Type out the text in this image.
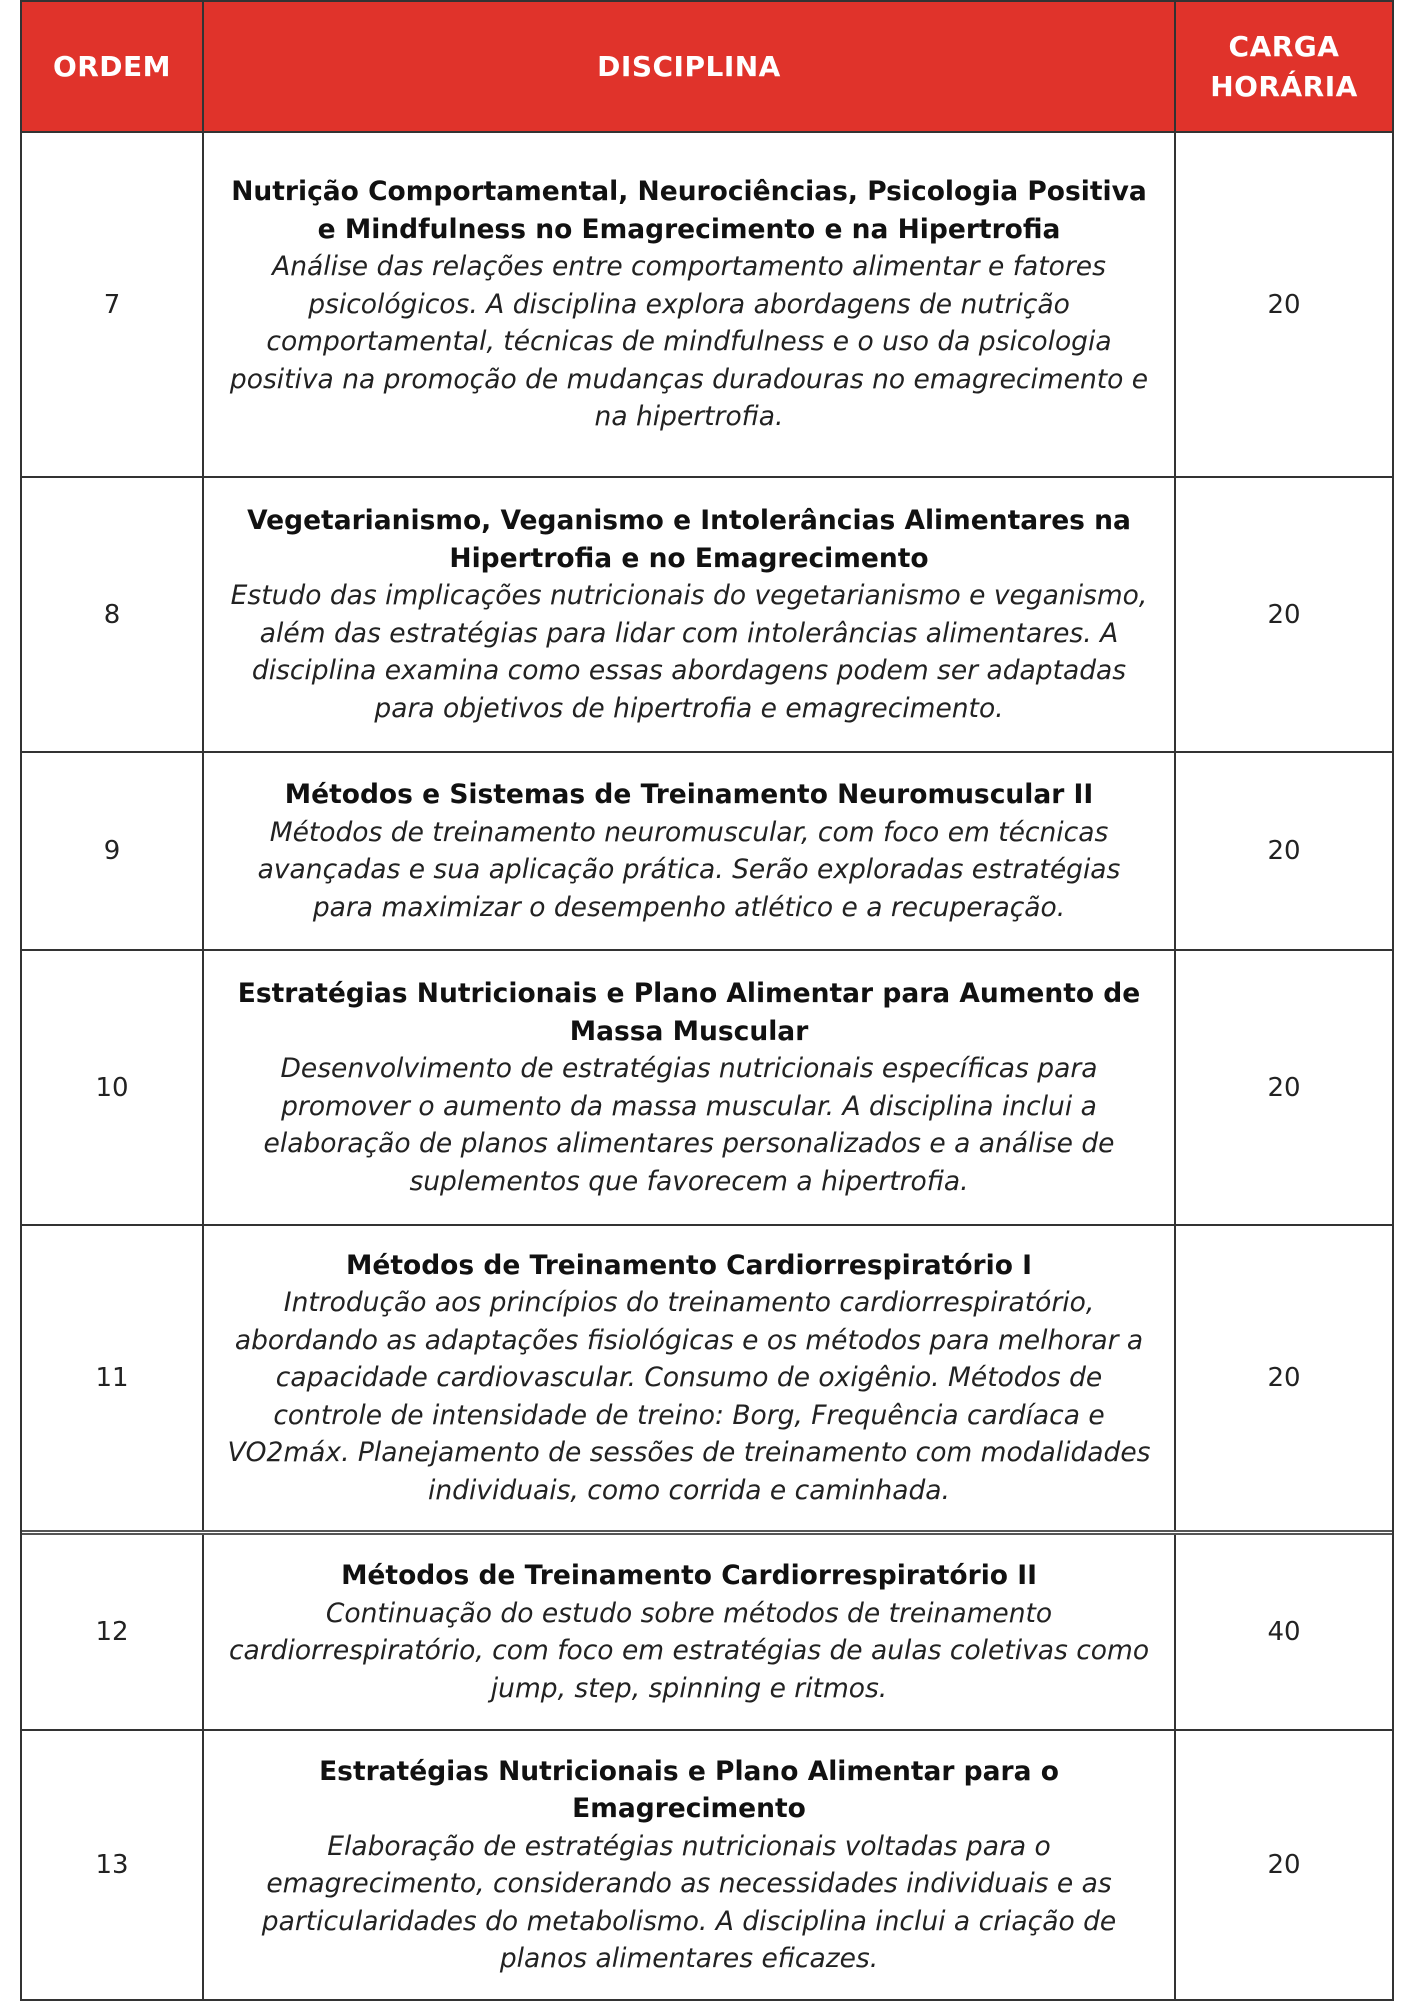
ORDEM	DISCIPLINA
CARGA
HORÁRIA
7
Nutrição Comportamental, Neurociências, Psicologia Positiva e Mindfulness no Emagrecimento e na Hipertrofia
Análise das relações entre comportamento alimentar e fatores psicológicos. A disciplina explora abordagens de nutrição comportamental, técnicas de mindfulness e o uso da psicologia positiva na promoção de mudanças duradouras no emagrecimento e na hipertrofia.
20
8
Vegetarianismo, Veganismo e Intolerâncias Alimentares na Hipertrofia e no Emagrecimento
Estudo das implicações nutricionais do vegetarianismo e veganismo, além das estratégias para lidar com intolerâncias alimentares. A disciplina examina como essas abordagens podem ser adaptadas para objetivos de hipertrofia e emagrecimento.
20
9
Métodos e Sistemas de Treinamento Neuromuscular II
Métodos de treinamento neuromuscular, com foco em técnicas avançadas e sua aplicação prática. Serão exploradas estratégias para maximizar o desempenho atlético e a recuperação.
20
10
Estratégias Nutricionais e Plano Alimentar para Aumento de Massa Muscular
Desenvolvimento de estratégias nutricionais específicas para promover o aumento da massa muscular. A disciplina inclui a elaboração de planos alimentares personalizados e a análise de suplementos que favorecem a hipertrofia.
20
11
Métodos de Treinamento Cardiorrespiratório I
Introdução aos princípios do treinamento cardiorrespiratório, abordando as adaptações fisiológicas e os métodos para melhorar a capacidade cardiovascular. Consumo de oxigênio. Métodos de controle de intensidade de treino: Borg, Frequência cardíaca e VO2máx. Planejamento de sessões de treinamento com modalidades individuais, como corrida e caminhada.
20
12
Métodos de Treinamento Cardiorrespiratório II
Continuação do estudo sobre métodos de treinamento cardiorrespiratório, com foco em estratégias de aulas coletivas como jump, step, spinning e ritmos.
40
13
Estratégias Nutricionais e Plano Alimentar para o Emagrecimento
Elaboração de estratégias nutricionais voltadas para o emagrecimento, considerando as necessidades individuais e as particularidades do metabolismo. A disciplina inclui a criação de planos alimentares eficazes.
20
